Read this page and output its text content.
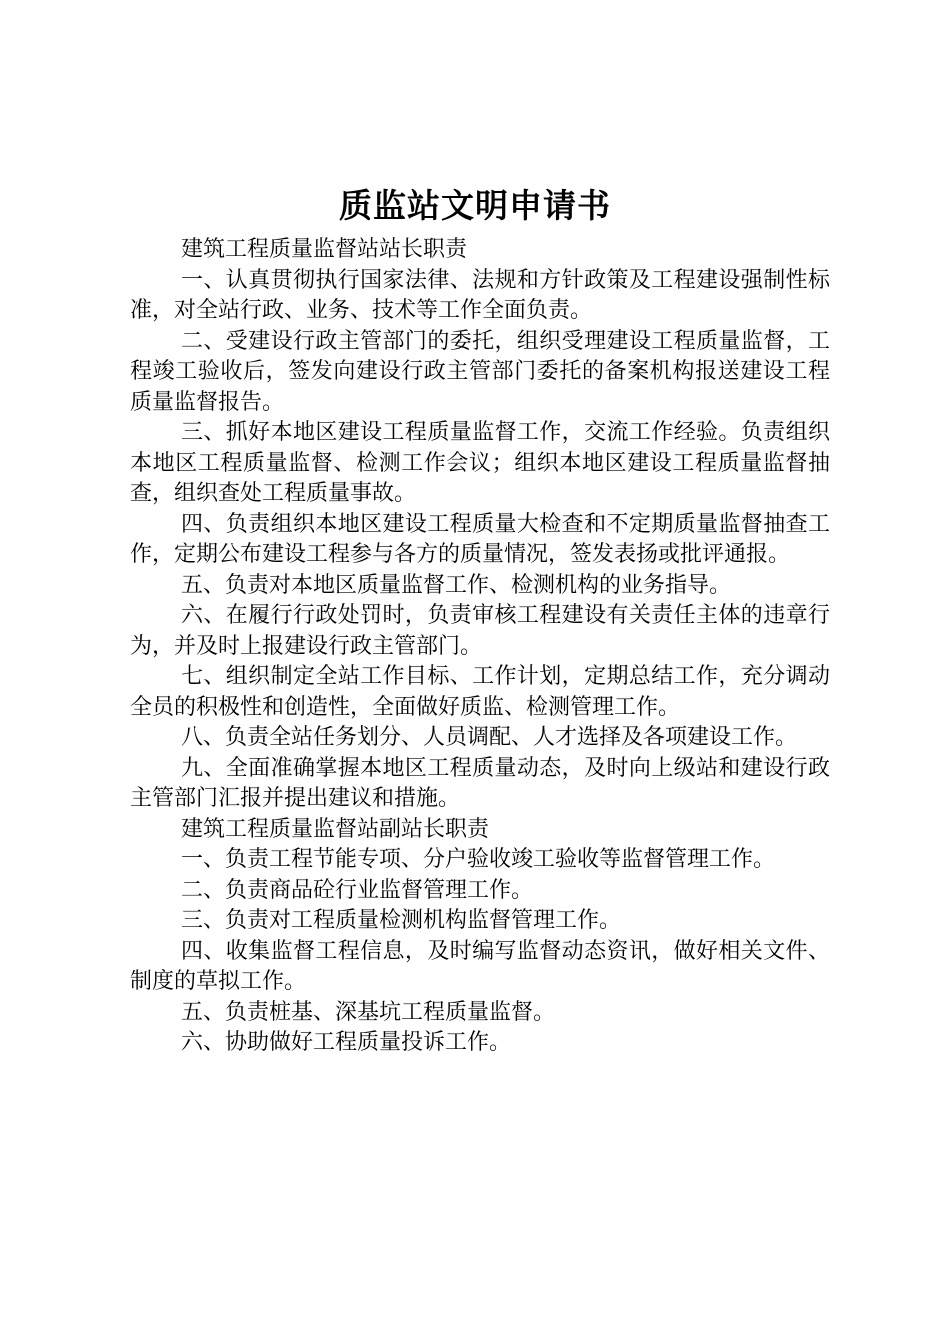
质监站文明申请书

建筑工程质量监督站站长职责

一、认真贯彻执行国家法律、法规和方针政策及工程建设强制性标准，对全站行政、业务、技术等工作全面负责。

二、受建设行政主管部门的委托，组织受理建设工程质量监督，工程竣工验收后，签发向建设行政主管部门委托的备案机构报送建设工程质量监督报告。

三、抓好本地区建设工程质量监督工作，交流工作经验。负责组织本地区工程质量监督、检测工作会议；组织本地区建设工程质量监督抽查，组织查处工程质量事故。

四、负责组织本地区建设工程质量大检查和不定期质量监督抽查工作，定期公布建设工程参与各方的质量情况，签发表扬或批评通报。

五、负责对本地区质量监督工作、检测机构的业务指导。

六、在履行行政处罚时，负责审核工程建设有关责任主体的违章行为，并及时上报建设行政主管部门。

七、组织制定全站工作目标、工作计划，定期总结工作，充分调动全员的积极性和创造性，全面做好质监、检测管理工作。

八、负责全站任务划分、人员调配、人才选择及各项建设工作。

九、全面准确掌握本地区工程质量动态，及时向上级站和建设行政主管部门汇报并提出建议和措施。

建筑工程质量监督站副站长职责

一、负责工程节能专项、分户验收竣工验收等监督管理工作。

二、负责商品砼行业监督管理工作。

三、负责对工程质量检测机构监督管理工作。

四、收集监督工程信息，及时编写监督动态资讯，做好相关文件、制度的草拟工作。

五、负责桩基、深基坑工程质量监督。

六、协助做好工程质量投诉工作。
